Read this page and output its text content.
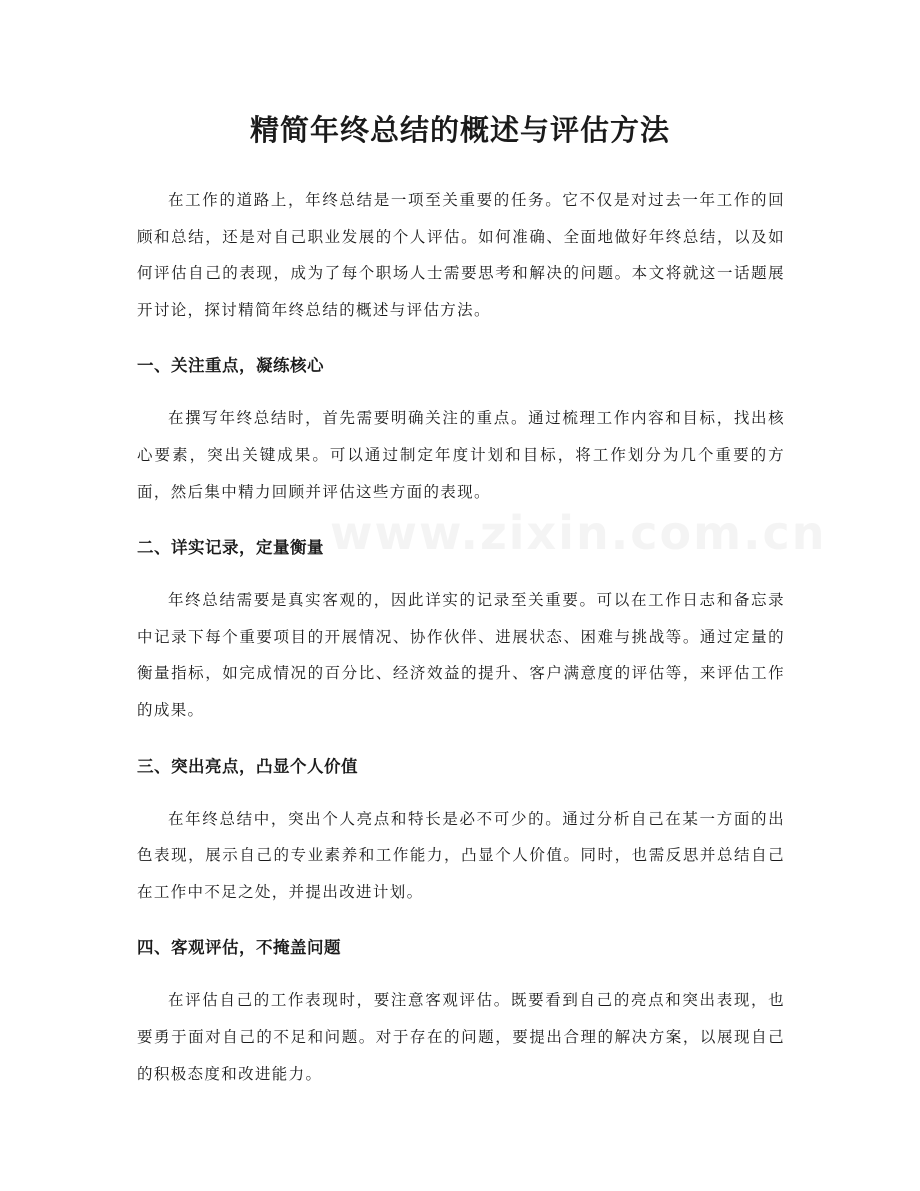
精简年终总结的概述与评估方法
www.zixin.com.cn

在工作的道路上，年终总结是一项至关重要的任务。它不仅是对过去一年工作的回顾和总结，还是对自己职业发展的个人评估。如何准确、全面地做好年终总结，以及如何评估自己的表现，成为了每个职场人士需要思考和解决的问题。本文将就这一话题展开讨论，探讨精简年终总结的概述与评估方法。

一、关注重点，凝练核心

在撰写年终总结时，首先需要明确关注的重点。通过梳理工作内容和目标，找出核心要素，突出关键成果。可以通过制定年度计划和目标，将工作划分为几个重要的方面，然后集中精力回顾并评估这些方面的表现。

二、详实记录，定量衡量

年终总结需要是真实客观的，因此详实的记录至关重要。可以在工作日志和备忘录中记录下每个重要项目的开展情况、协作伙伴、进展状态、困难与挑战等。通过定量的衡量指标，如完成情况的百分比、经济效益的提升、客户满意度的评估等，来评估工作的成果。

三、突出亮点，凸显个人价值

在年终总结中，突出个人亮点和特长是必不可少的。通过分析自己在某一方面的出色表现，展示自己的专业素养和工作能力，凸显个人价值。同时，也需反思并总结自己在工作中不足之处，并提出改进计划。

四、客观评估，不掩盖问题

在评估自己的工作表现时，要注意客观评估。既要看到自己的亮点和突出表现，也要勇于面对自己的不足和问题。对于存在的问题，要提出合理的解决方案，以展现自己的积极态度和改进能力。
